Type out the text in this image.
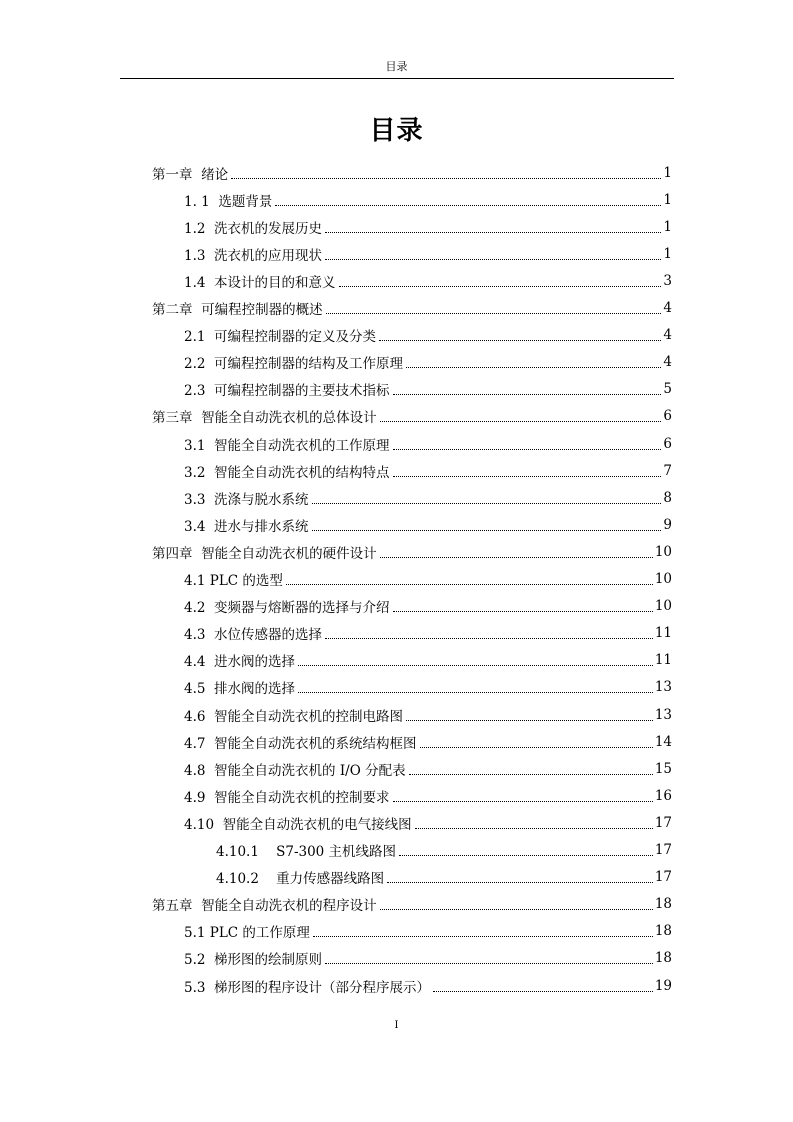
目录
目录
第一章  绪论	1
1. 1  选题背景	1
1.2  洗衣机的发展历史	1
1.3  洗衣机的应用现状	1
1.4  本设计的目的和意义	3
第二章  可编程控制器的概述	4
2.1  可编程控制器的定义及分类	4
2.2  可编程控制器的结构及工作原理	4
2.3  可编程控制器的主要技术指标	5
第三章  智能全自动洗衣机的总体设计	6
3.1  智能全自动洗衣机的工作原理	6
3.2  智能全自动洗衣机的结构特点	7
3.3  洗涤与脱水系统	8
3.4  进水与排水系统	9
第四章  智能全自动洗衣机的硬件设计	10
4.1 PLC 的选型	10
4.2  变频器与熔断器的选择与介绍	10
4.3  水位传感器的选择	11
4.4  进水阀的选择	11
4.5  排水阀的选择	13
4.6  智能全自动洗衣机的控制电路图	13
4.7  智能全自动洗衣机的系统结构框图	14
4.8  智能全自动洗衣机的 I/O 分配表	15
4.9  智能全自动洗衣机的控制要求	16
4.10  智能全自动洗衣机的电气接线图	17
4.10.1    S7-300 主机线路图	17
4.10.2    重力传感器线路图	17
第五章  智能全自动洗衣机的程序设计	18
5.1 PLC 的工作原理	18
5.2  梯形图的绘制原则	18
5.3  梯形图的程序设计（部分程序展示）	19
I
